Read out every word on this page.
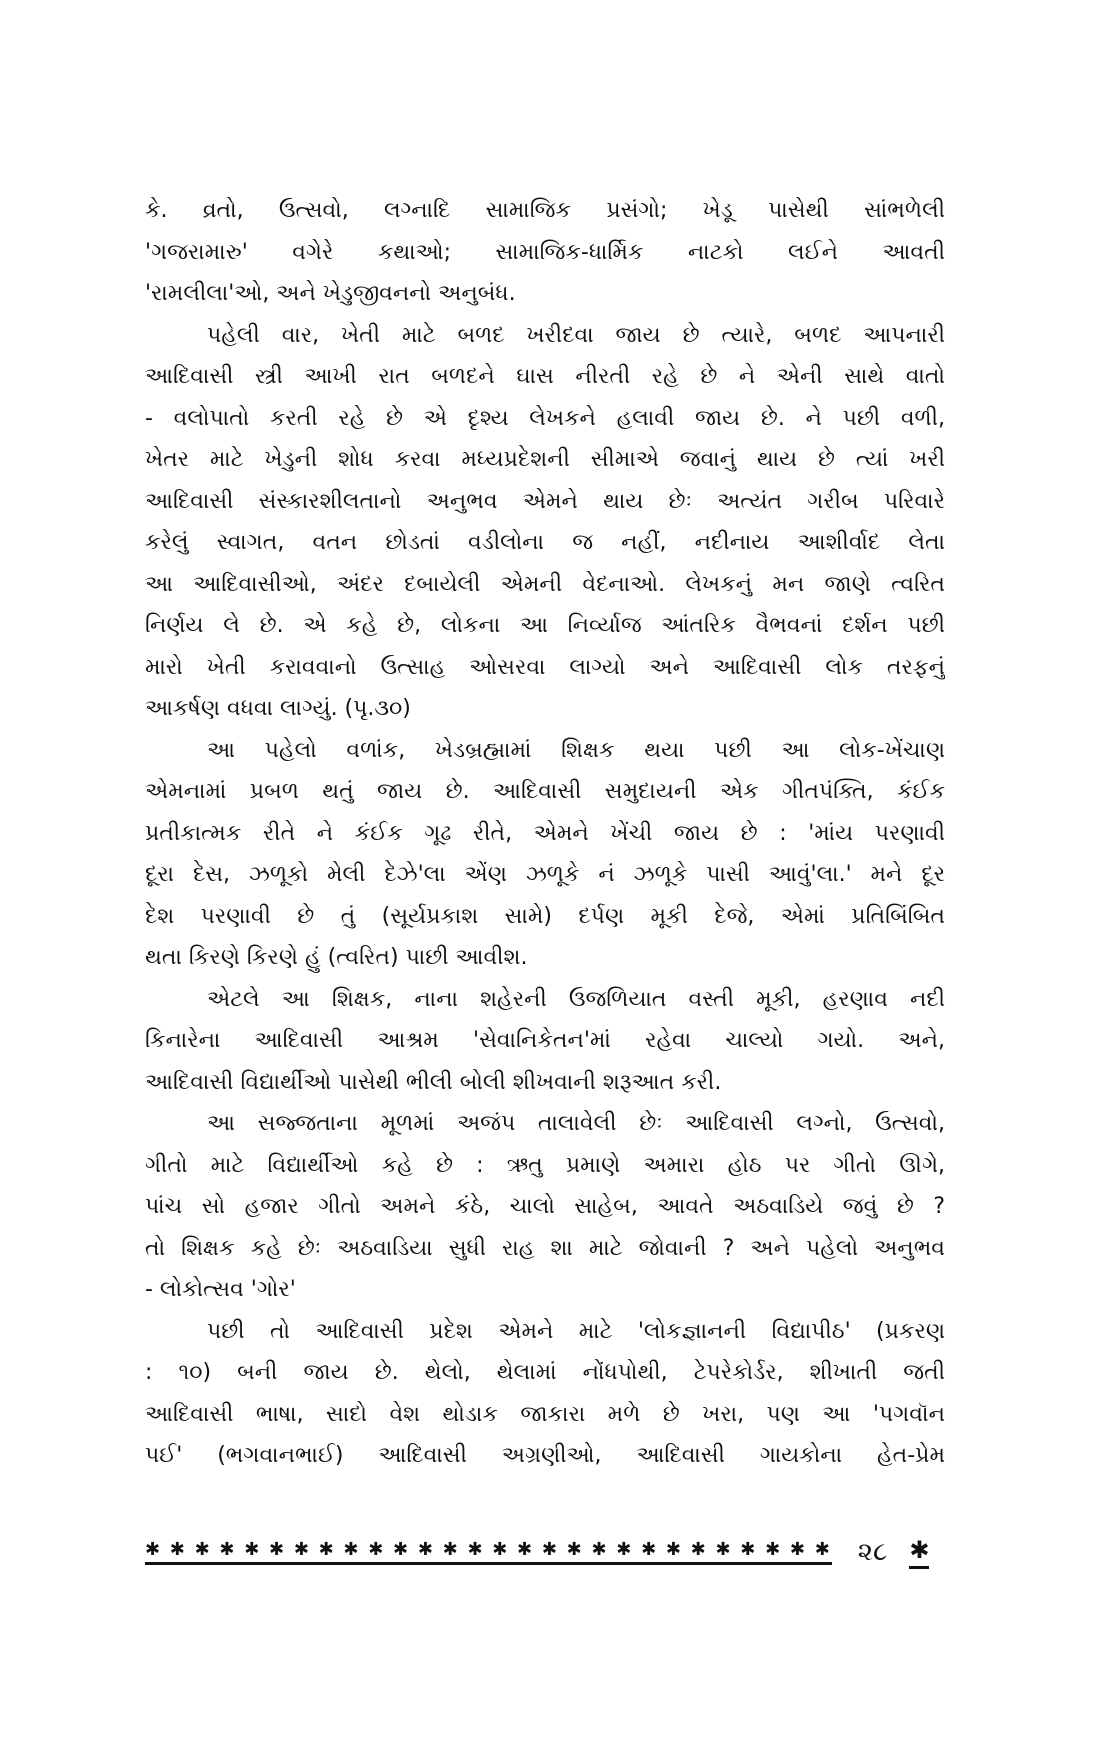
કે. વ્રતો, ઉત્સવો, લગ્નાદિ સામાજિક પ્રસંગો; ખેડૂ પાસેથી સાંભળેલી
'ગજરામારુ' વગેરે કથાઓ; સામાજિક-ધાર્મિક નાટકો લઈને આવતી
'રામલીલા'ઓ, અને ખેડુજીવનનો અનુબંધ.
પહેલી વાર, ખેતી માટે બળદ ખરીદવા જાય છે ત્યારે, બળદ આપનારી
આદિવાસી સ્ત્રી આખી રાત બળદને ઘાસ નીરતી રહે છે ને એની સાથે વાતો
- વલોપાતો કરતી રહે છે એ દૃશ્ય લેખકને હલાવી જાય છે. ને પછી વળી,
ખેતર માટે ખેડુની શોધ કરવા મધ્યપ્રદેશની સીમાએ જવાનું થાય છે ત્યાં ખરી
આદિવાસી સંસ્કારશીલતાનો અનુભવ એમને થાય છેઃ અત્યંત ગરીબ પરિવારે
કરેલું સ્વાગત, વતન છોડતાં વડીલોના જ નહીં, નદીનાય આશીર્વાદ લેતા
આ આદિવાસીઓ, અંદર દબાયેલી એમની વેદનાઓ. લેખકનું મન જાણે ત્વરિત
નિર્ણય લે છે. એ કહે છે, લોકના આ નિર્વ્યાજ આંતરિક વૈભવનાં દર્શન પછી
મારો ખેતી કરાવવાનો ઉત્સાહ ઓસરવા લાગ્યો અને આદિવાસી લોક તરફનું
આકર્ષણ વધવા લાગ્યું. (પૃ.૩૦)
આ પહેલો વળાંક, ખેડબ્રહ્મામાં શિક્ષક થયા પછી આ લોક-ખેંચાણ
એમનામાં પ્રબળ થતું જાય છે. આદિવાસી સમુદાયની એક ગીતપંક્તિ, કંઈક
પ્રતીકાત્મક રીતે ને કંઈક ગૂઢ રીતે, એમને ખેંચી જાય છે : 'માંય પરણાવી
દૂરા દેસ, ઝળૂકો મેલી દેઝે'લા એંણ ઝળૂકે નં ઝળૂકે પાસી આવું'લા.' મને દૂર
દેશ પરણાવી છે તું (સૂર્યપ્રકાશ સામે) દર્પણ મૂકી દેજે, એમાં પ્રતિબિંબિત
થતા કિરણે કિરણે હું (ત્વરિત) પાછી આવીશ.
એટલે આ શિક્ષક, નાના શહેરની ઉજળિયાત વસ્તી મૂકી, હરણાવ નદી
કિનારેના આદિવાસી આશ્રમ 'સેવાનિકેતન'માં રહેવા ચાલ્યો ગયો. અને,
આદિવાસી વિદ્યાર્થીઓ પાસેથી ભીલી બોલી શીખવાની શરૂઆત કરી.
આ સજ્જતાના મૂળમાં અજંપ તાલાવેલી છેઃ આદિવાસી લગ્નો, ઉત્સવો,
ગીતો માટે વિદ્યાર્થીઓ કહે છે : ઋતુ પ્રમાણે અમારા હોઠ પર ગીતો ઊગે,
પાંચ સો હજાર ગીતો અમને કંઠે, ચાલો સાહેબ, આવતે અઠવાડિયે જવું છે ?
તો શિક્ષક કહે છેઃ અઠવાડિયા સુધી રાહ શા માટે જોવાની ? અને પહેલો અનુભવ
- લોકોત્સવ 'ગોર'
પછી તો આદિવાસી પ્રદેશ એમને માટે 'લોકજ્ઞાનની વિદ્યાપીઠ' (પ્રકરણ
: ૧૦) બની જાય છે. થેલો, થેલામાં નોંધપોથી, ટેપરેકોર્ડર, શીખાતી જતી
આદિવાસી ભાષા, સાદો વેશ થોડાક જાકારા મળે છે ખરા, પણ આ 'પગવૉન
પઈ' (ભગવાનભાઈ) આદિવાસી અગ્રણીઓ, આદિવાસી ગાયકોના હેત-પ્રેમ
✱ ✱ ✱ ✱ ✱ ✱ ✱ ✱ ✱ ✱ ✱ ✱ ✱ ✱ ✱ ✱ ✱ ✱ ✱ ✱ ✱ ✱ ✱ ✱ ✱ ✱ ✱ ✱ ૨૮ ✱
